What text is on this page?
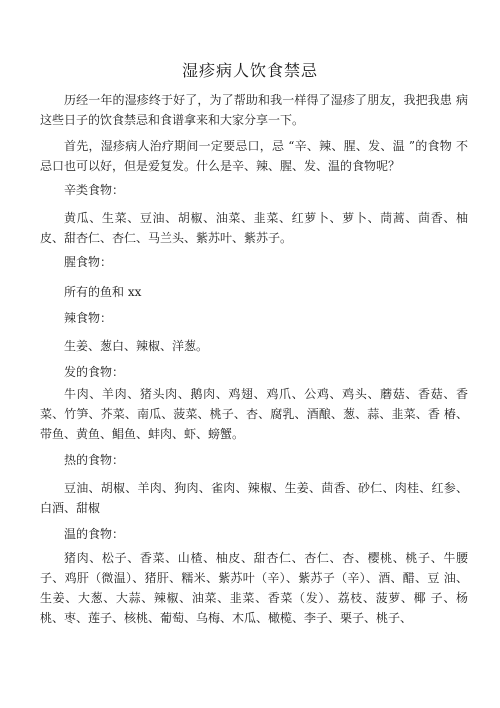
湿疹病人饮食禁忌

历经一年的湿疹终于好了，为了帮助和我一样得了湿疹了朋友，我把我患 病这些日子的饮食禁忌和食谱拿来和大家分享一下。

首先，湿疹病人治疗期间一定要忌口，忌 “辛、辣、腥、发、温 ”的食物 不忌口也可以好，但是爱复发。什么是辛、辣、腥、发、温的食物呢？

辛类食物：

黄瓜、生菜、豆油、胡椒、油菜、韭菜、红萝卜、萝卜、茼蒿、茴香、柚 皮、甜杏仁、杏仁、马兰头、紫苏叶、紫苏子。

腥食物：

所有的鱼和 xx

辣食物：

生姜、葱白、辣椒、洋葱。

发的食物：

牛肉、羊肉、猪头肉、鹅肉、鸡翅、鸡爪、公鸡、鸡头、蘑菇、香菇、香 菜、竹笋、芥菜、南瓜、菠菜、桃子、杏、腐乳、酒酿、葱、蒜、韭菜、香 椿、带鱼、黄鱼、鲳鱼、蚌肉、虾、螃蟹。

热的食物：

豆油、胡椒、羊肉、狗肉、雀肉、辣椒、生姜、茴香、砂仁、肉桂、红参、白酒、甜椒

温的食物：

猪肉、松子、香菜、山楂、柚皮、甜杏仁、杏仁、杏、樱桃、桃子、牛腰 子、鸡肝（微温）、猪肝、糯米、紫苏叶（辛）、紫苏子（辛）、酒、醋、豆 油、生姜、大葱、大蒜、辣椒、油菜、韭菜、香菜（发）、荔枝、菠萝、椰 子、杨桃、枣、莲子、核桃、葡萄、乌梅、木瓜、橄榄、李子、栗子、桃子、
